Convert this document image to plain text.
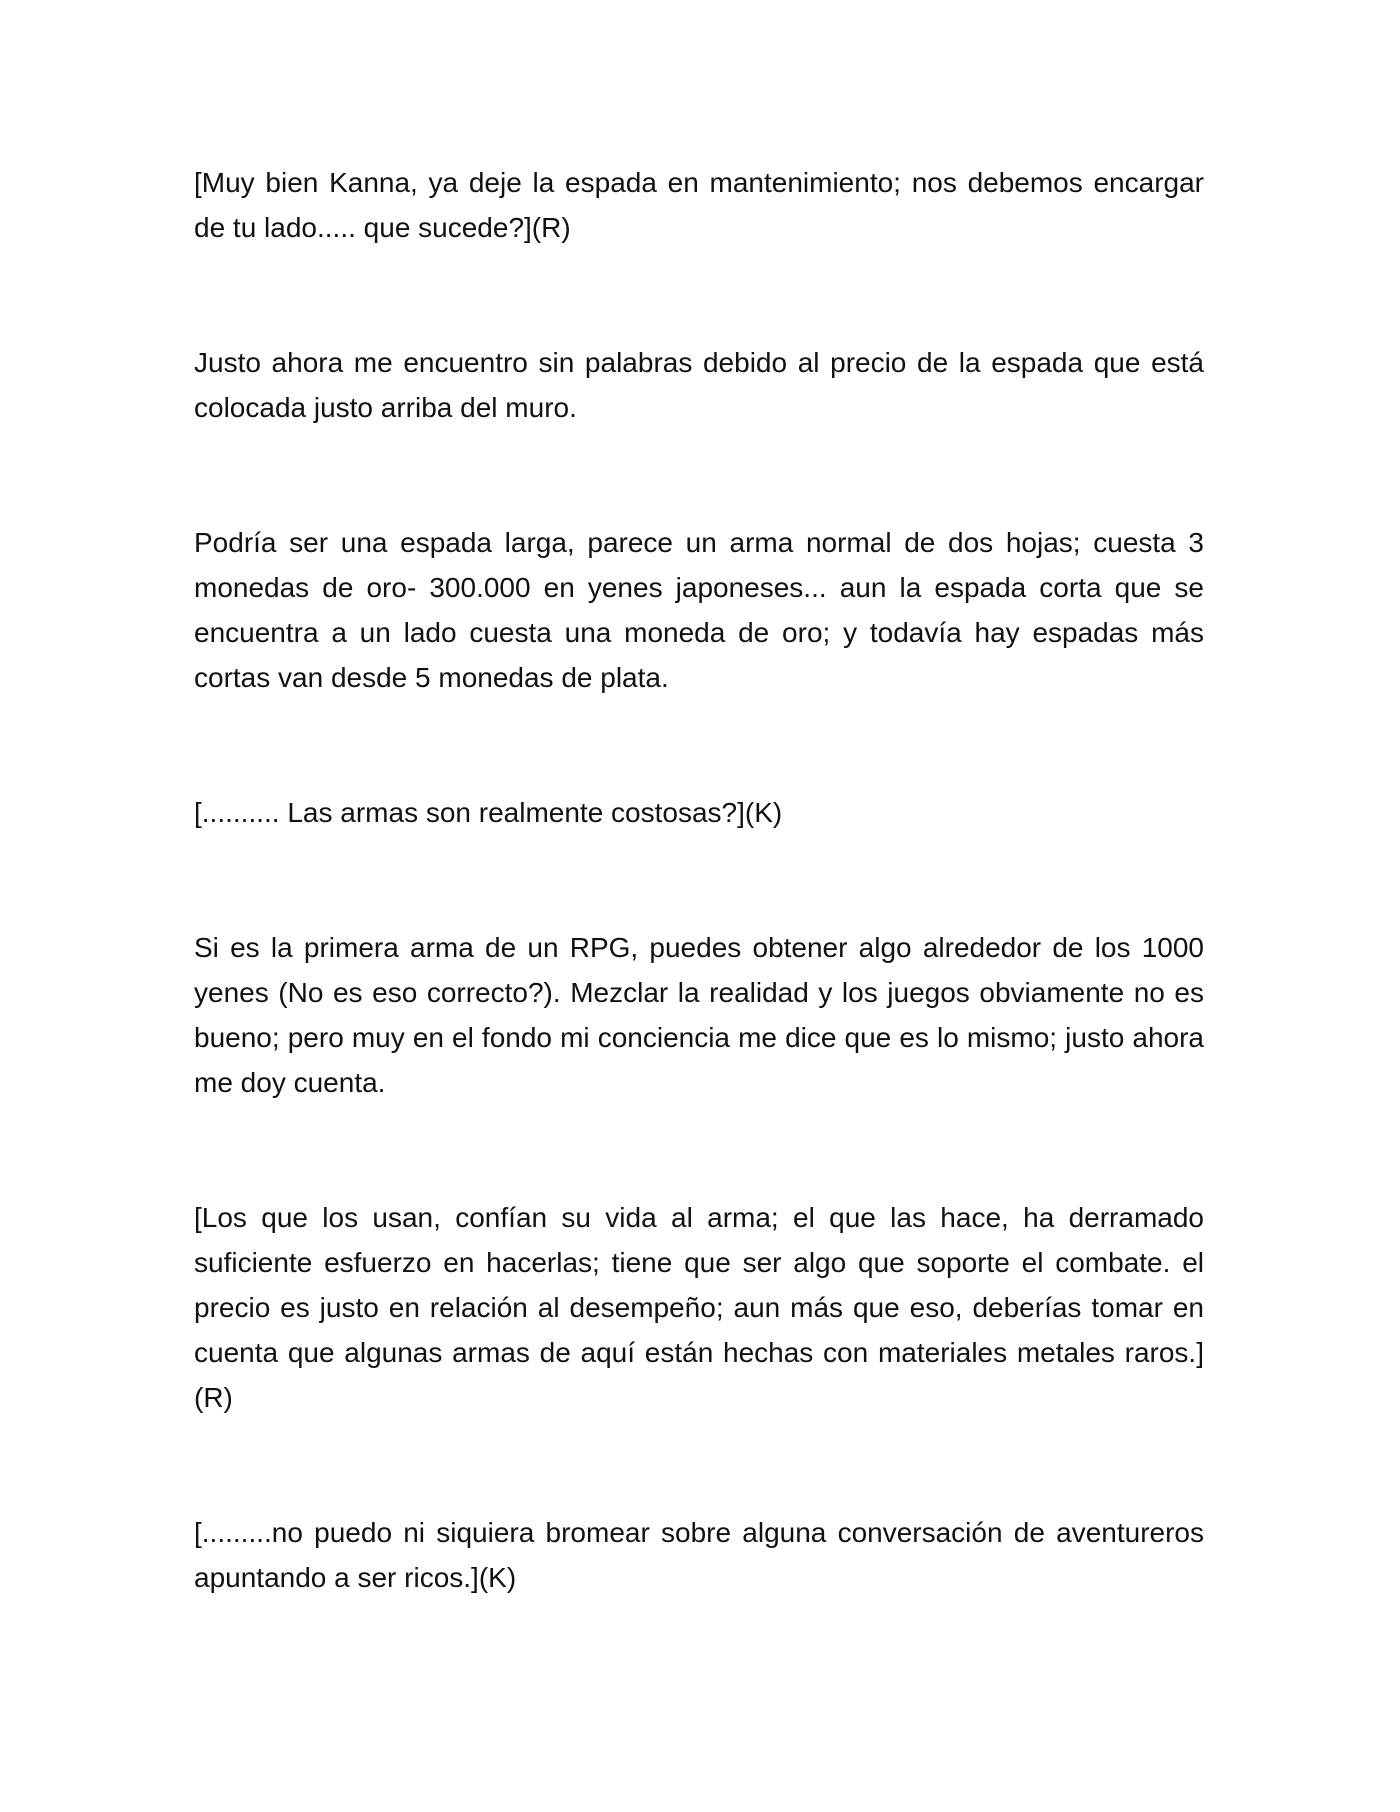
[Muy bien Kanna, ya deje la espada en mantenimiento; nos debemos encargar de tu lado..... que sucede?](R)

Justo ahora me encuentro sin palabras debido al precio de la espada que está colocada justo arriba del muro.

Podría ser una espada larga, parece un arma normal de dos hojas; cuesta 3 monedas de oro- 300.000 en yenes japoneses... aun la espada corta que se encuentra a un lado cuesta una moneda de oro; y todavía hay espadas más cortas van desde 5 monedas de plata.

[.......... Las armas son realmente costosas?](K)

Si es la primera arma de un RPG, puedes obtener algo alrededor de los 1000 yenes (No es eso correcto?). Mezclar la realidad y los juegos obviamente no es bueno; pero muy en el fondo mi conciencia me dice que es lo mismo; justo ahora me doy cuenta.

[Los que los usan, confían su vida al arma; el que las hace, ha derramado suficiente esfuerzo en hacerlas; tiene que ser algo que soporte el combate. el precio es justo en relación al desempeño; aun más que eso, deberías tomar en cuenta que algunas armas de aquí están hechas con materiales metales raros.](R)

[.........no puedo ni siquiera bromear sobre alguna conversación de aventureros apuntando a ser ricos.](K)
